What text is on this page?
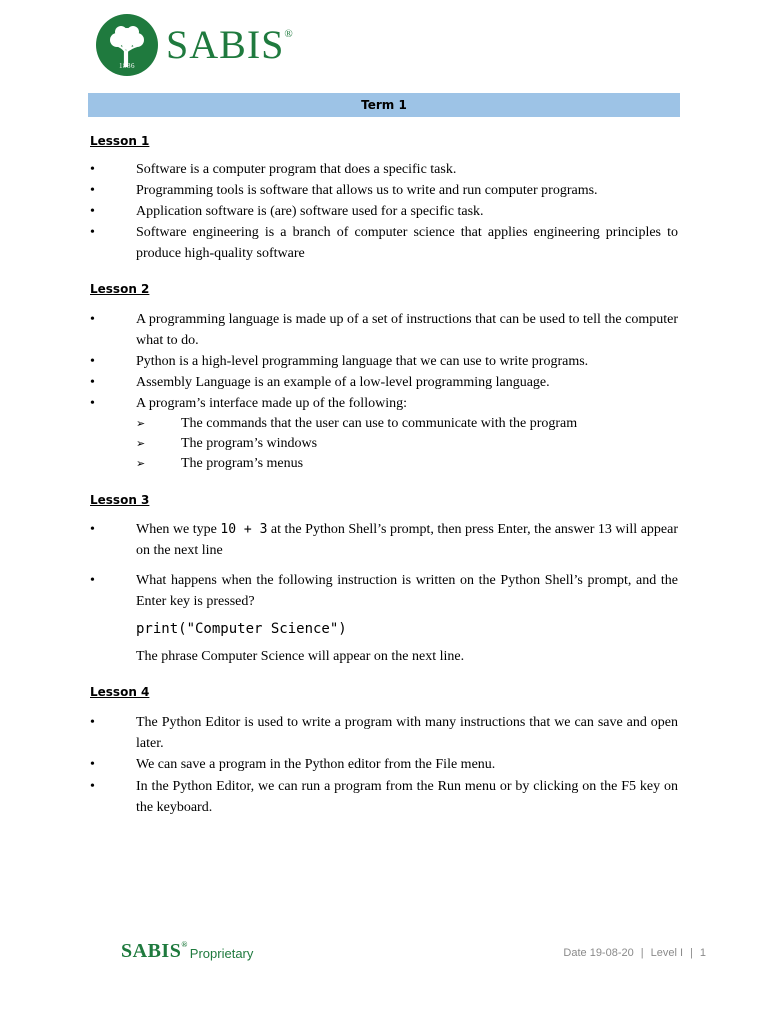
1886 SABIS®
Term 1
Lesson 1
•	Software is a computer program that does a specific task.
•	Programming tools is software that allows us to write and run computer programs.
•	Application software is (are) software used for a specific task.
•	Software engineering is a branch of computer science that applies engineering principles to produce high-quality software
Lesson 2
•	A programming language is made up of a set of instructions that can be used to tell the computer what to do.
•	Python is a high-level programming language that we can use to write programs.
•	Assembly Language is an example of a low-level programming language.
•	A program’s interface made up of the following:
➢	The commands that the user can use to communicate with the program
➢	The program’s windows
➢	The program’s menus
Lesson 3
•	When we type 10 + 3 at the Python Shell’s prompt, then press Enter, the answer 13 will appear on the next line
•	What happens when the following instruction is written on the Python Shell’s prompt, and the Enter key is pressed?
print("Computer Science")
The phrase Computer Science will appear on the next line.
Lesson 4
•	The Python Editor is used to write a program with many instructions that we can save and open later.
•	We can save a program in the Python editor from the File menu.
•	In the Python Editor, we can run a program from the Run menu or by clicking on the F5 key on the keyboard.
SABIS®
Proprietary	Date 19-08-20 | Level I | 1
